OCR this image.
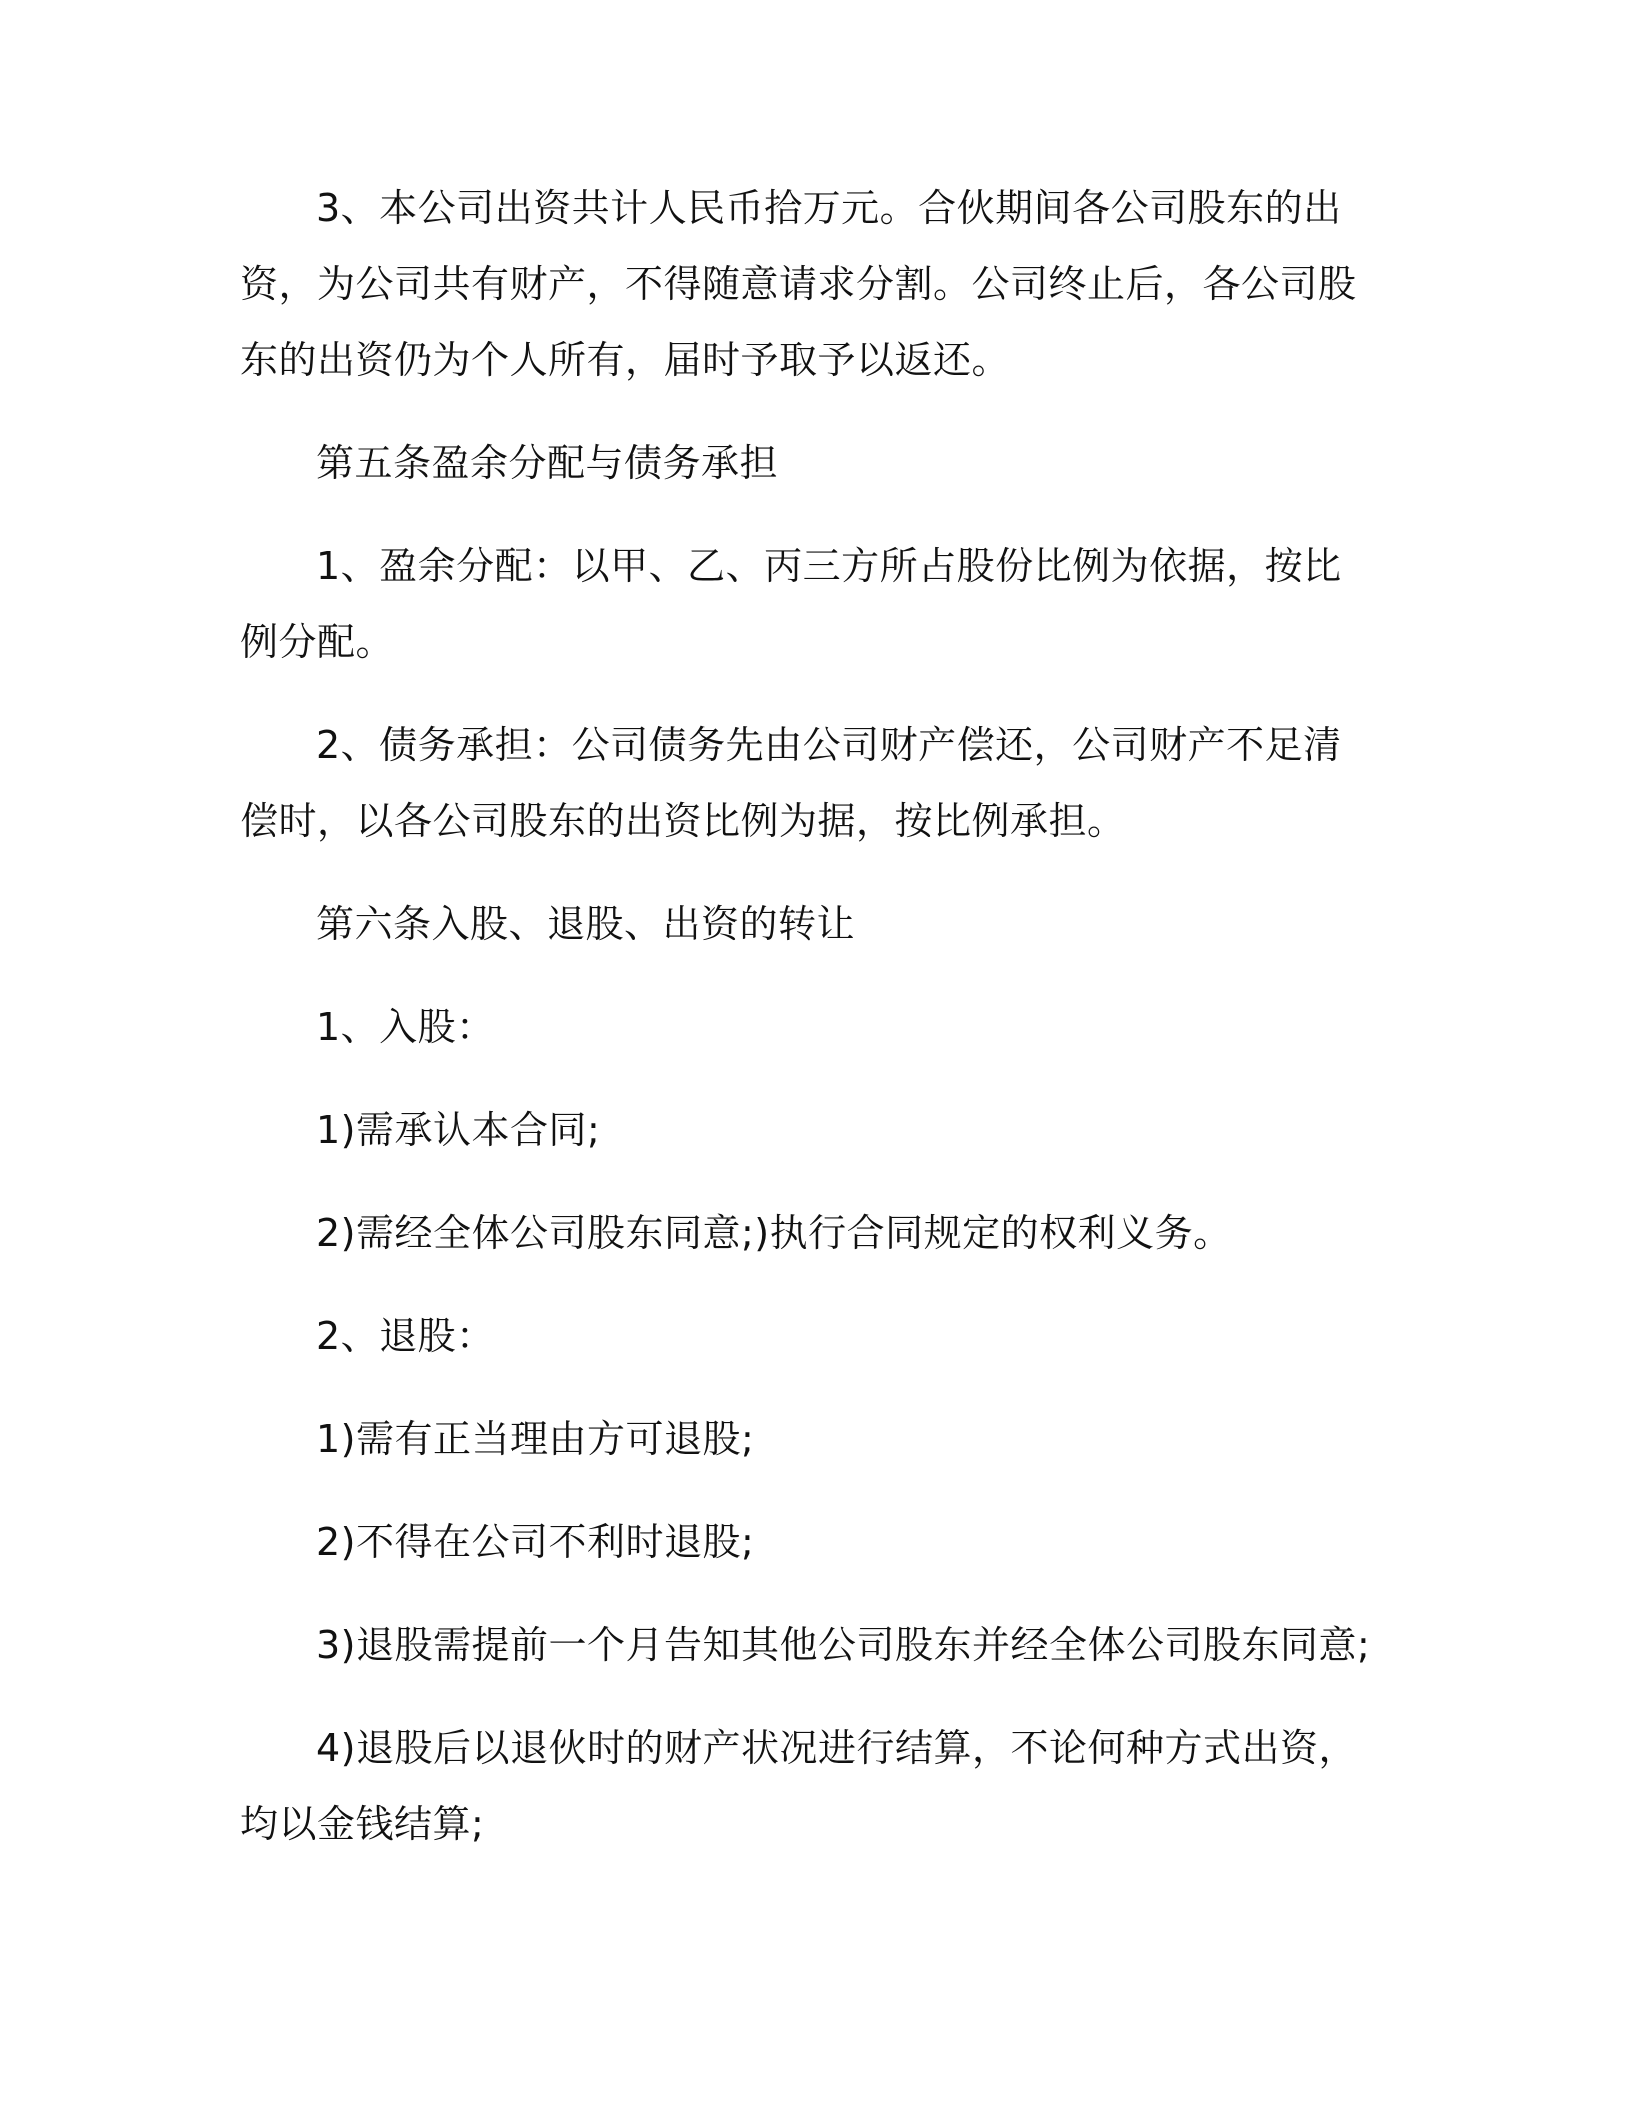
3、本公司出资共计人民币拾万元。合伙期间各公司股东的出资，为公司共有财产，不得随意请求分割。公司终止后，各公司股东的出资仍为个人所有，届时予取予以返还。

第五条盈余分配与债务承担

1、盈余分配：以甲、乙、丙三方所占股份比例为依据，按比例分配。

2、债务承担：公司债务先由公司财产偿还，公司财产不足清偿时，以各公司股东的出资比例为据，按比例承担。

第六条入股、退股、出资的转让

1、入股：

1)需承认本合同;

2)需经全体公司股东同意;)执行合同规定的权利义务。

2、退股：

1)需有正当理由方可退股;

2)不得在公司不利时退股;

3)退股需提前一个月告知其他公司股东并经全体公司股东同意;

4)退股后以退伙时的财产状况进行结算，不论何种方式出资，均以金钱结算;
